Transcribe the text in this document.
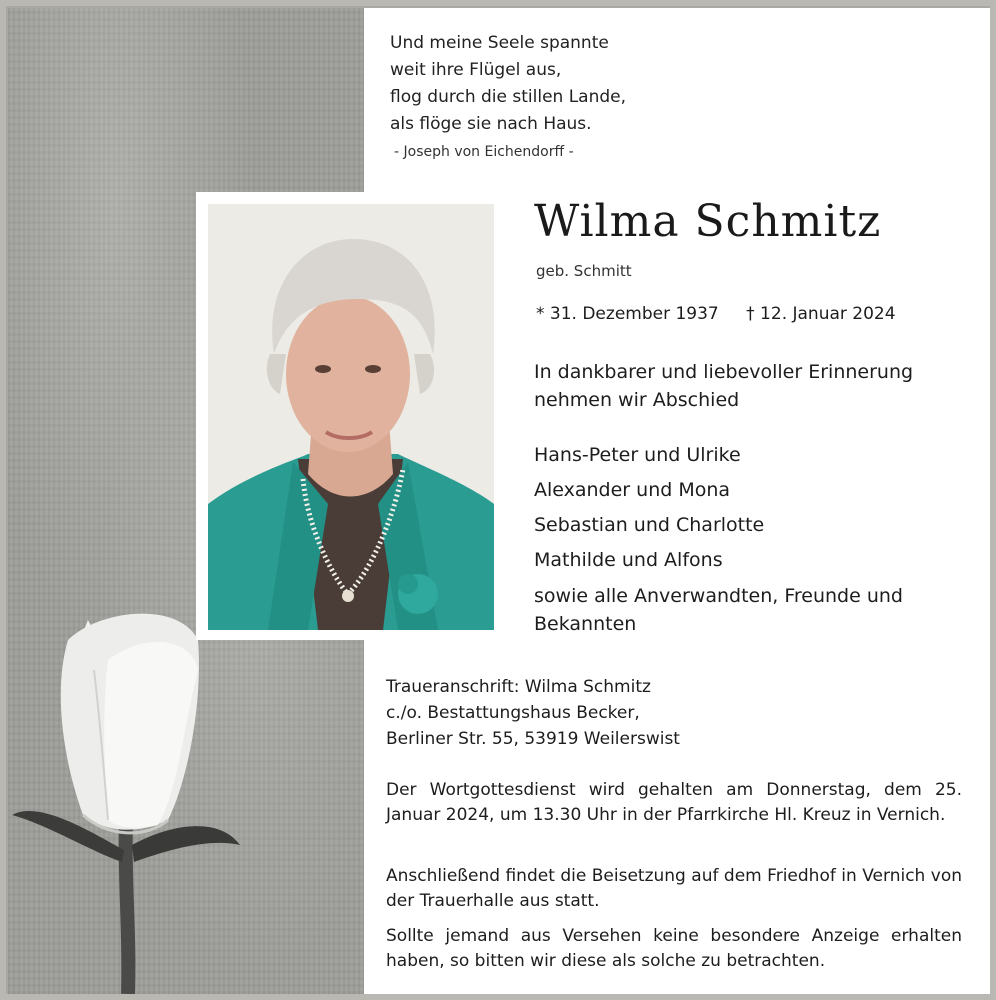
Und meine Seele spannte
weit ihre Flügel aus,
flog durch die stillen Lande,
als flöge sie nach Haus.
- Joseph von Eichendorff -
Wilma Schmitz
geb. Schmitt
* 31. Dezember 1937 † 12. Januar 2024
In dankbarer und liebevoller Erinnerung nehmen wir Abschied
Hans-Peter und Ulrike
Alexander und Mona
Sebastian und Charlotte
Mathilde und Alfons
sowie alle Anverwandten, Freunde und Bekannten
Traueranschrift: Wilma Schmitz
c./o. Bestattungshaus Becker,
Berliner Str. 55, 53919 Weilerswist
Der Wortgottesdienst wird gehalten am Donnerstag, dem 25. Januar 2024, um 13.30 Uhr in der Pfarrkirche Hl. Kreuz in Vernich.
Anschließend findet die Beisetzung auf dem Friedhof in Vernich von der Trauerhalle aus statt.
Sollte jemand aus Versehen keine besondere Anzeige erhalten haben, so bitten wir diese als solche zu betrachten.
